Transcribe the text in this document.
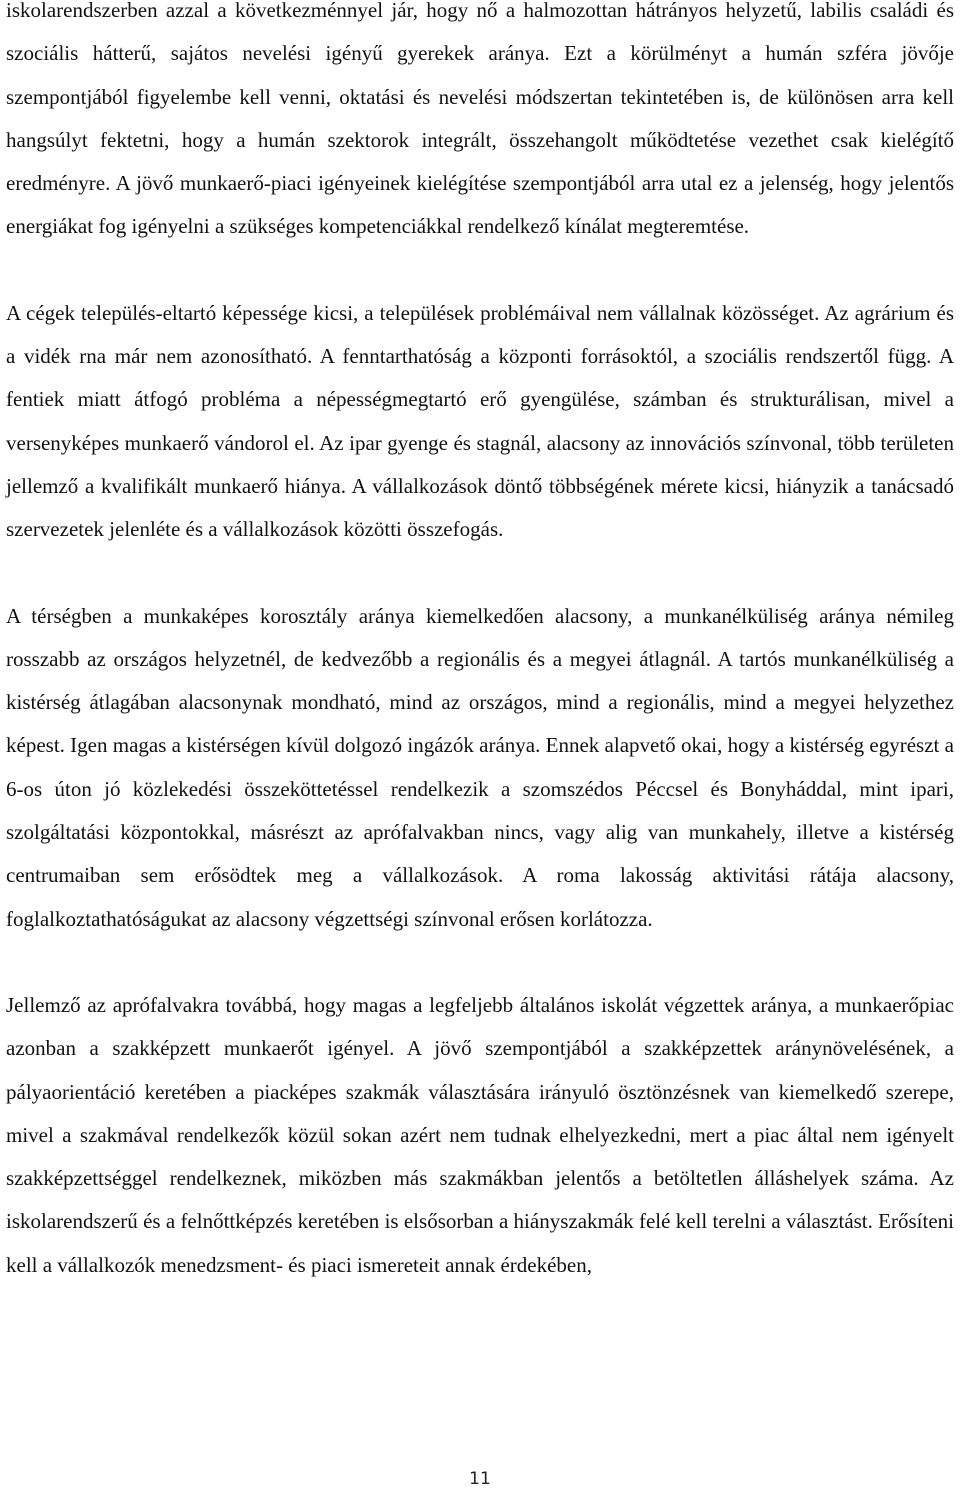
iskolarendszerben azzal a következménnyel jár, hogy nő a halmozottan hátrányos helyzetű, labilis családi és szociális hátterű, sajátos nevelési igényű gyerekek aránya. Ezt a körülményt a humán szféra jövője szempontjából figyelembe kell venni, oktatási és nevelési módszertan tekintetében is, de különösen arra kell hangsúlyt fektetni, hogy a humán szektorok integrált, összehangolt működtetése vezethet csak kielégítő eredményre. A jövő munkaerő-piaci igényeinek kielégítése szempontjából arra utal ez a jelenség, hogy jelentős energiákat fog igényelni a szükséges kompetenciákkal rendelkező kínálat megteremtése.

A cégek település-eltartó képessége kicsi, a települések problémáival nem vállalnak közösséget. Az agrárium és a vidék rna már nem azonosítható. A fenntarthatóság a központi forrásoktól, a szociális rendszertől függ. A fentiek miatt átfogó probléma a népességmegtartó erő gyengülése, számban és strukturálisan, mivel a versenyképes munkaerő vándorol el. Az ipar gyenge és stagnál, alacsony az innovációs színvonal, több területen jellemző a kvalifikált munkaerő hiánya. A vállalkozások döntő többségének mérete kicsi, hiányzik a tanácsadó szervezetek jelenléte és a vállalkozások közötti összefogás.

A térségben a munkaképes korosztály aránya kiemelkedően alacsony, a munkanélküliség aránya némileg rosszabb az országos helyzetnél, de kedvezőbb a regionális és a megyei átlagnál. A tartós munkanélküliség a kistérség átlagában alacsonynak mondható, mind az országos, mind a regionális, mind a megyei helyzethez képest. Igen magas a kistérségen kívül dolgozó ingázók aránya. Ennek alapvető okai, hogy a kistérség egyrészt a 6-os úton jó közlekedési összeköttetéssel rendelkezik a szomszédos Péccsel és Bonyháddal, mint ipari, szolgáltatási központokkal, másrészt az aprófalvakban nincs, vagy alig van munkahely, illetve a kistérség centrumaiban sem erősödtek meg a vállalkozások. A roma lakosság aktivitási rátája alacsony, foglalkoztathatóságukat az alacsony végzettségi színvonal erősen korlátozza.

Jellemző az aprófalvakra továbbá, hogy magas a legfeljebb általános iskolát végzettek aránya, a munkaerőpiac azonban a szakképzett munkaerőt igényel. A jövő szempontjából a szakképzettek aránynövelésének, a pályaorientáció keretében a piacképes szakmák választására irányuló ösztönzésnek van kiemelkedő szerepe, mivel a szakmával rendelkezők közül sokan azért nem tudnak elhelyezkedni, mert a piac által nem igényelt szakképzettséggel rendelkeznek, miközben más szakmákban jelentős a betöltetlen álláshelyek száma. Az iskolarendszerű és a felnőttképzés keretében is elsősorban a hiányszakmák felé kell terelni a választást. Erősíteni kell a vállalkozók menedzsment- és piaci ismereteit annak érdekében,

11
